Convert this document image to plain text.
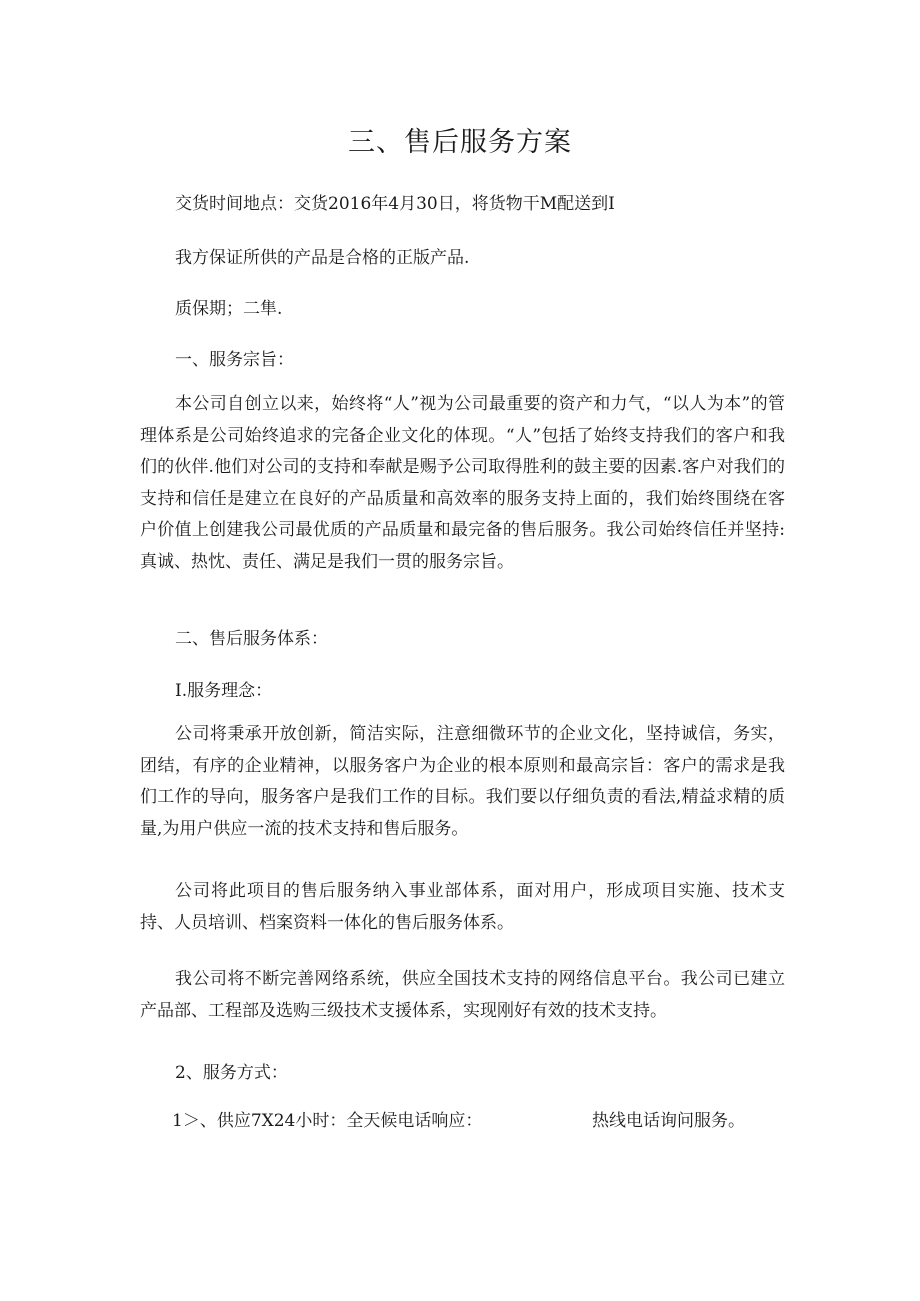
三、售后服务方案
交货时间地点：交货2016年4月30日，将货物干M配送到I
我方保证所供的产品是合格的正版产品.
质保期；二隼.
一、服务宗旨：
本公司自创立以来，始终将“人”视为公司最重要的资产和力气，“以人为本”的管理体系是公司始终追求的完备企业文化的体现。“人”包括了始终支持我们的客户和我们的伙伴.他们对公司的支持和奉献是赐予公司取得胜利的鼓主要的因素.客户对我们的支持和信任是建立在良好的产品质量和高效率的服务支持上面的，我们始终围绕在客户价值上创建我公司最优质的产品质量和最完备的售后服务。我公司始终信任并坚持:真诚、热忱、责任、满足是我们一贯的服务宗旨。
二、售后服务体系：
I.服务理念：
公司将秉承开放创新，简洁实际，注意细微环节的企业文化，坚持诚信，务实，团结，有序的企业精神，以服务客户为企业的根本原则和最高宗旨：客户的需求是我们工作的导向，服务客户是我们工作的目标。我们要以仔细负责的看法,精益求精的质量,为用户供应一流的技术支持和售后服务。
公司将此项目的售后服务纳入事业部体系，面对用户，形成项目实施、技术支持、人员培训、档案资料一体化的售后服务体系。
我公司将不断完善网络系统，供应全国技术支持的网络信息平台。我公司已建立产品部、工程部及选购三级技术支援体系，实现刚好有效的技术支持。
2、服务方式：
1＞、供应7X24小时：全天候电话响应：	热线电话询问服务。
